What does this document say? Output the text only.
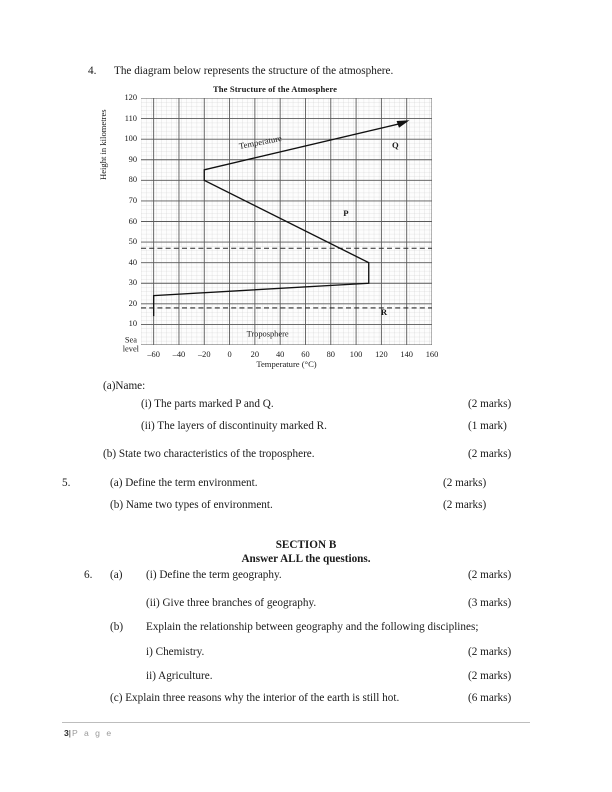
4. The diagram below represents the structure of the atmosphere.
The Structure of the Atmosphere
Sea
level
10
20
30
40
50
60
70
80
90
100
110
120
–60 –40 –20 0 20 40 60 80 100 120 140 160
Temperature
P
Q
R
Troposphere
Temperature (°C)
Height in kilometres
(a)Name:
(i) The parts marked P and Q.	(2 marks)
(ii) The layers of discontinuity marked R.	(1 mark)
(b) State two characteristics of the troposphere.	(2 marks)
5.	(a) Define the term environment.	(2 marks)
(b) Name two types of environment.	(2 marks)
SECTION B
Answer ALL the questions.
6. (a) (i) Define the term geography.	(2 marks)
(ii) Give three branches of geography.	(3 marks)
(b) Explain the relationship between geography and the following disciplines;
i) Chemistry.	(2 marks)
ii) Agriculture.	(2 marks)
(c) Explain three reasons why the interior of the earth is still hot.	(6 marks)
3|P a g e
